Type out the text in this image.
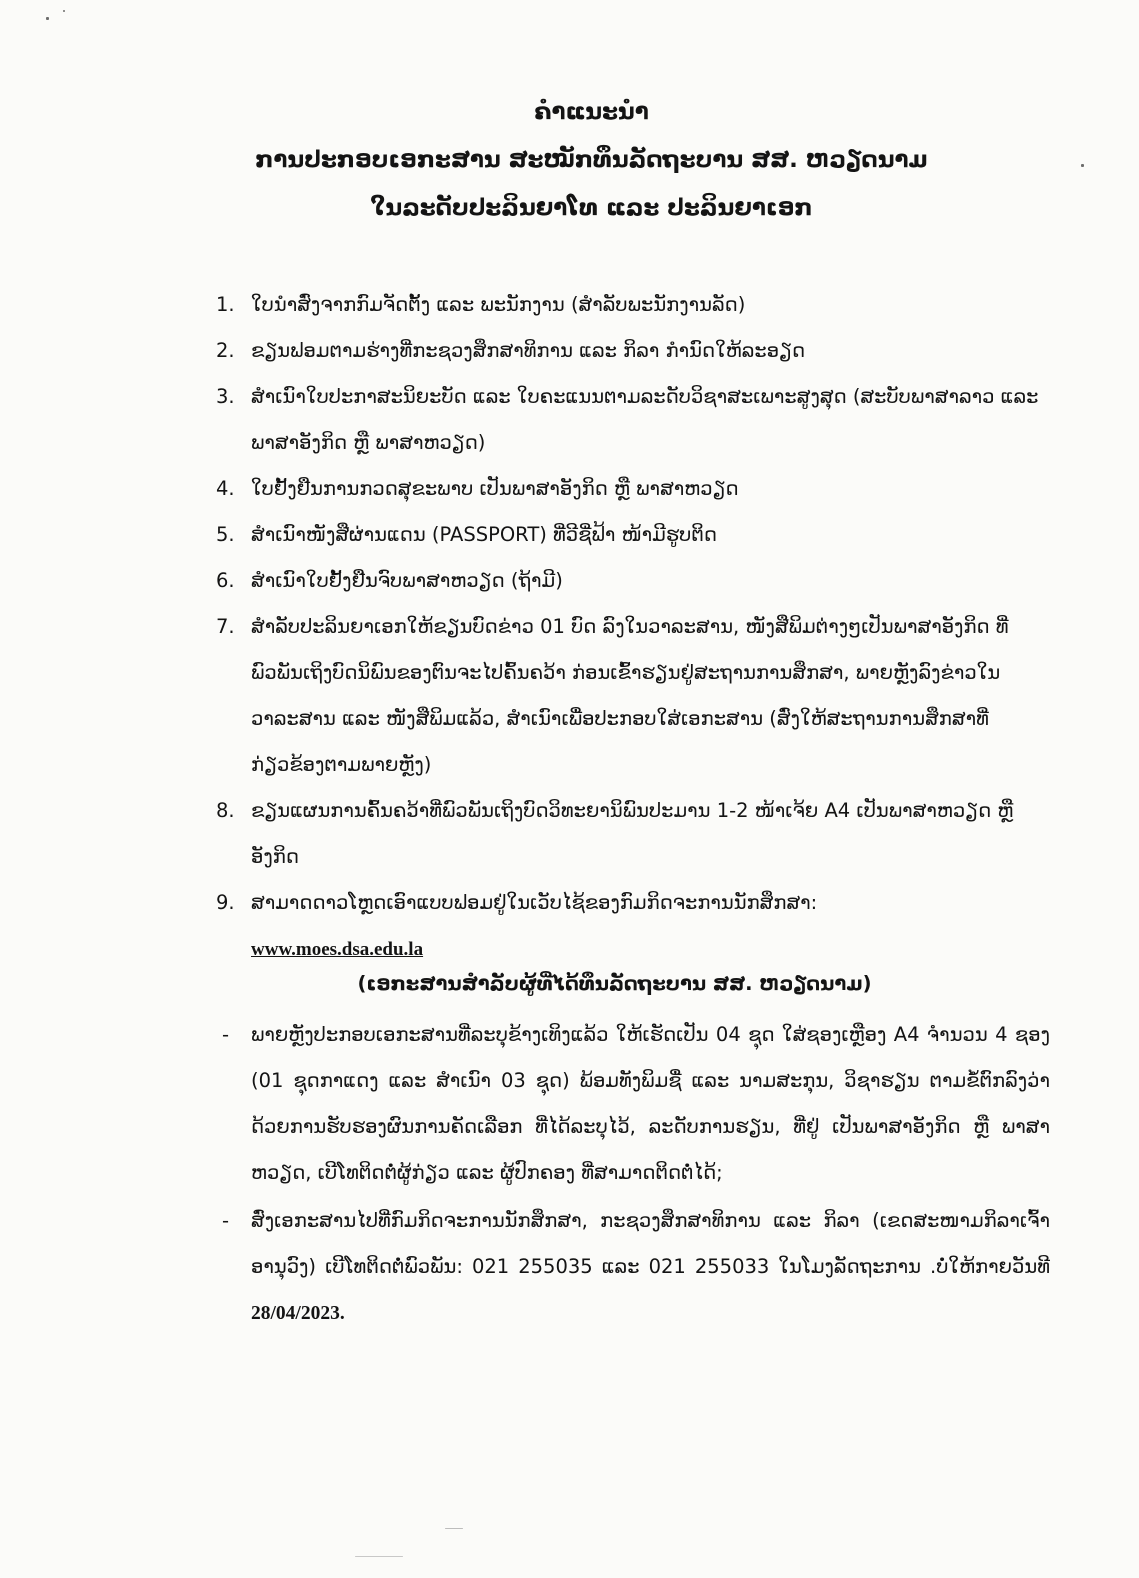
ຄຳແນະນຳ
ການປະກອບເອກະສານ ສະໝັກທຶນລັດຖະບານ ສສ. ຫວຽດນາມ
ໃນລະດັບປະລິນຍາໂທ ແລະ ປະລິນຍາເອກ
1. ໃບນຳສົ່ງຈາກກົມຈັດຕັ້ງ ແລະ ພະນັກງານ (ສຳລັບພະນັກງານລັດ)
2. ຂຽນຟອມຕາມຮ່າງທີ່ກະຊວງສຶກສາທິການ ແລະ ກິລາ ກຳນົດໃຫ້ລະອຽດ
3. ສຳເນົາໃບປະກາສະນິຍະບັດ ແລະ ໃບຄະແນນຕາມລະດັບວິຊາສະເພາະສູງສຸດ (ສະບັບພາສາລາວ ແລະ ພາສາອັງກິດ ຫຼື ພາສາຫວຽດ)
4. ໃບຢັ້ງຢືນການກວດສຸຂະພາບ ເປັນພາສາອັງກິດ ຫຼື ພາສາຫວຽດ
5. ສຳເນົາໜັງສືຜ່ານແດນ (PASSPORT) ທີ່ວີຊີ່ຟ້າ ໜ້າມີຮູບຕິດ
6. ສຳເນົາໃບຢັ້ງຢືນຈົບພາສາຫວຽດ (ຖ້າມີ)
7. ສຳລັບປະລິນຍາເອກໃຫ້ຂຽນບົດຂ່າວ 01 ບົດ ລົງໃນວາລະສານ, ໜັງສືພິມຕ່າງໆເປັນພາສາອັງກິດ ທີ່ພົວພັນເຖິງບົດນິພົນຂອງຕົນຈະໄປຄົ້ນຄວ້າ ກ່ອນເຂົ້າຮຽນຢູ່ສະຖານການສຶກສາ, ພາຍຫຼັງລົງຂ່າວໃນວາລະສານ ແລະ ໜັງສືພິມແລ້ວ, ສຳເນົາເພື່ອປະກອບໃສ່ເອກະສານ (ສົ່ງໃຫ້ສະຖານການສຶກສາທີ່ກ່ຽວຂ້ອງຕາມພາຍຫຼັງ)
8. ຂຽນແຜນການຄົ້ນຄວ້າທີ່ພົວພັນເຖິງບົດວິທະຍານິພົນປະມານ 1-2 ໜ້າເຈ້ຍ A4 ເປັນພາສາຫວຽດ ຫຼື ອັງກິດ
9. ສາມາດດາວໂຫຼດເອົາແບບຟອມຢູ່ໃນເວັບໄຊ້ຂອງກົມກິດຈະການນັກສຶກສາ:
www.moes.dsa.edu.la
(ເອກະສານສຳລັບຜູ້ທີ່ໄດ້ທຶນລັດຖະບານ ສສ. ຫວຽດນາມ)
- ພາຍຫຼັງປະກອບເອກະສານທີ່ລະບຸຂ້າງເທິງແລ້ວ ໃຫ້ເຮັດເປັນ 04 ຊຸດ ໃສ່ຊອງເຫຼືອງ A4 ຈຳນວນ 4 ຊອງ (01 ຊຸດກາແດງ ແລະ ສຳເນົາ 03 ຊຸດ) ພ້ອມທັງພິມຊື່ ແລະ ນາມສະກຸນ, ວິຊາຮຽນ ຕາມຂໍ້ຕົກລົງວ່າດ້ວຍການຮັບຮອງຜົນການຄັດເລືອກ ທີ່ໄດ້ລະບຸໄວ້, ລະດັບການຮຽນ, ທີ່ຢູ່ ເປັນພາສາອັງກິດ ຫຼື ພາສາຫວຽດ, ເບີໂທຕິດຕໍ່ຜູ້ກ່ຽວ ແລະ ຜູ້ປົກຄອງ ທີ່ສາມາດຕິດຕໍ່ໄດ້;
- ສົ່ງເອກະສານໄປທີ່ກົມກິດຈະການນັກສຶກສາ, ກະຊວງສຶກສາທິການ ແລະ ກິລາ (ເຂດສະໜາມກິລາເຈົ້າອານຸວົງ) ເບີໂທຕິດຕໍ່ພົວພັນ: 021 255035 ແລະ 021 255033 ໃນໂມງລັດຖະການ .ບໍ່ໃຫ້ກາຍວັນທີ 28/04/2023.
